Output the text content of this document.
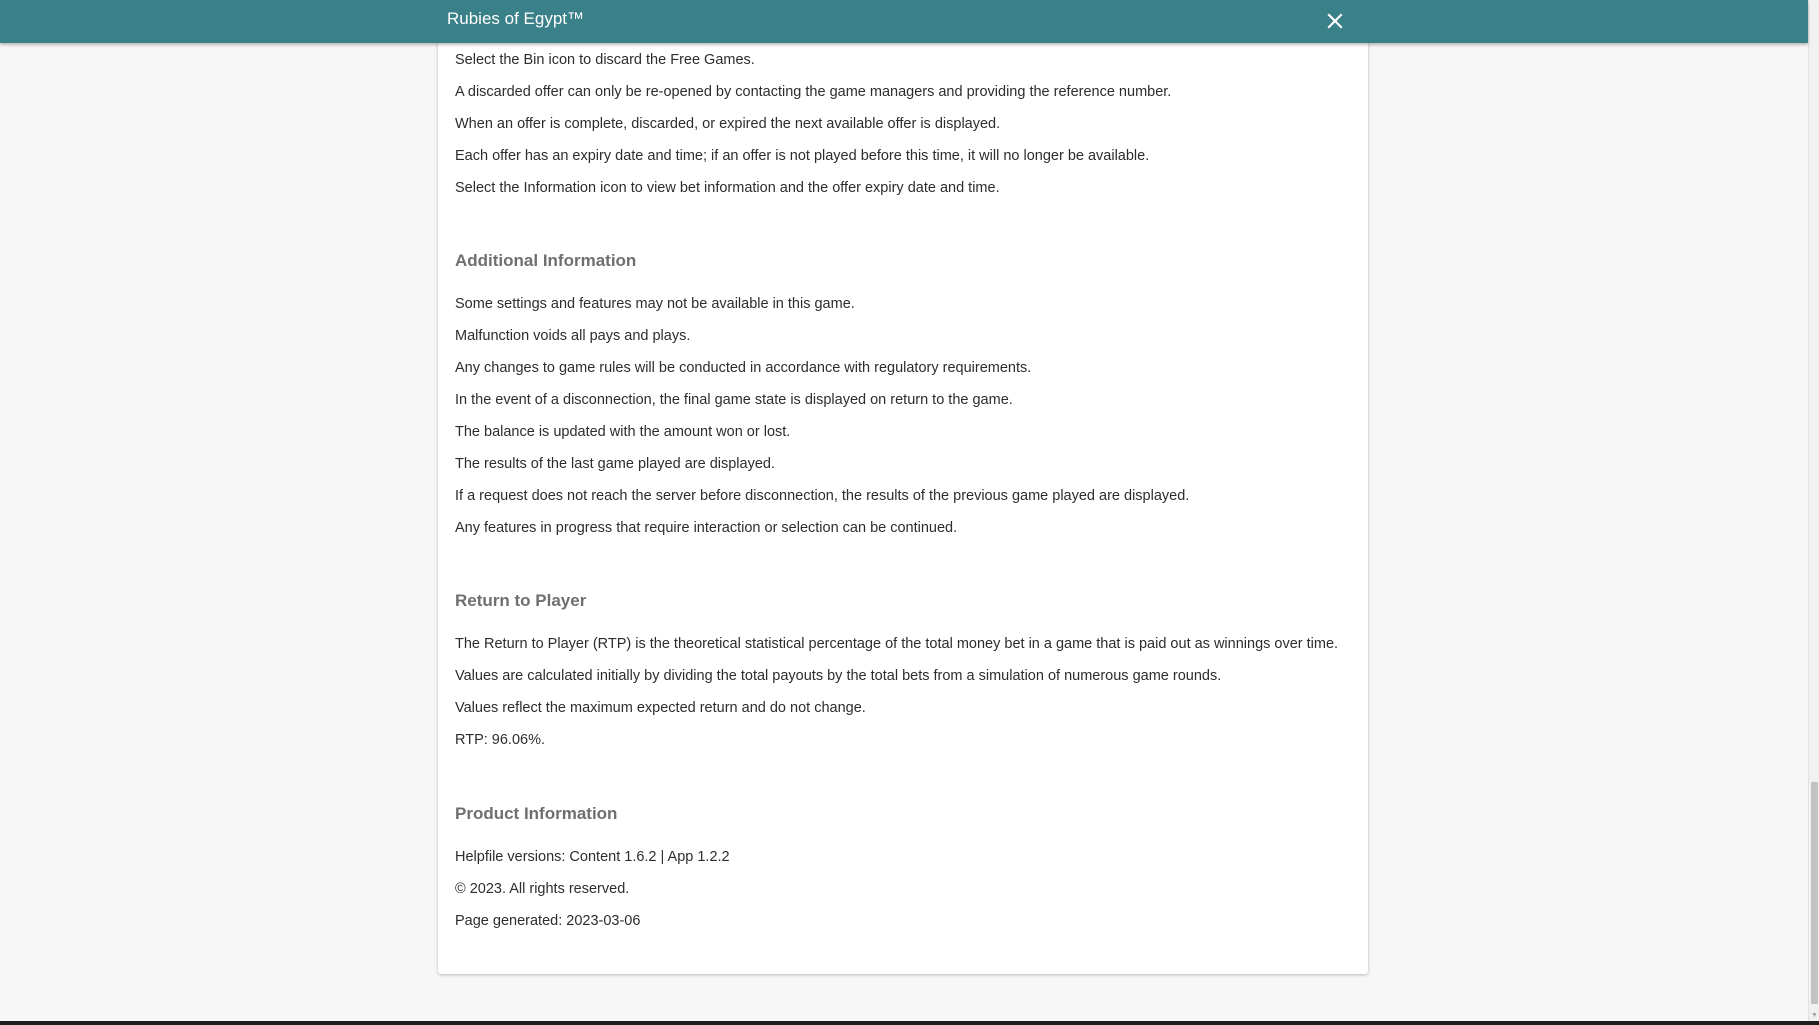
Select the Bin icon to discard the Free Games.
A discarded offer can only be re-opened by contacting the game managers and providing the reference number.
When an offer is complete, discarded, or expired the next available offer is displayed.
Each offer has an expiry date and time; if an offer is not played before this time, it will no longer be available.
Select the Information icon to view bet information and the offer expiry date and time.
Additional Information
Some settings and features may not be available in this game.
Malfunction voids all pays and plays.
Any changes to game rules will be conducted in accordance with regulatory requirements.
In the event of a disconnection, the final game state is displayed on return to the game.
The balance is updated with the amount won or lost.
The results of the last game played are displayed.
If a request does not reach the server before disconnection, the results of the previous game played are displayed.
Any features in progress that require interaction or selection can be continued.
Return to Player
The Return to Player (RTP) is the theoretical statistical percentage of the total money bet in a game that is paid out as winnings over time.
Values are calculated initially by dividing the total payouts by the total bets from a simulation of numerous game rounds.
Values reflect the maximum expected return and do not change.
RTP: 96.06%.
Product Information
Helpfile versions: Content 1.6.2 | App 1.2.2
© 2023. All rights reserved.
Page generated: 2023-03-06
Rubies of Egypt™
▼
